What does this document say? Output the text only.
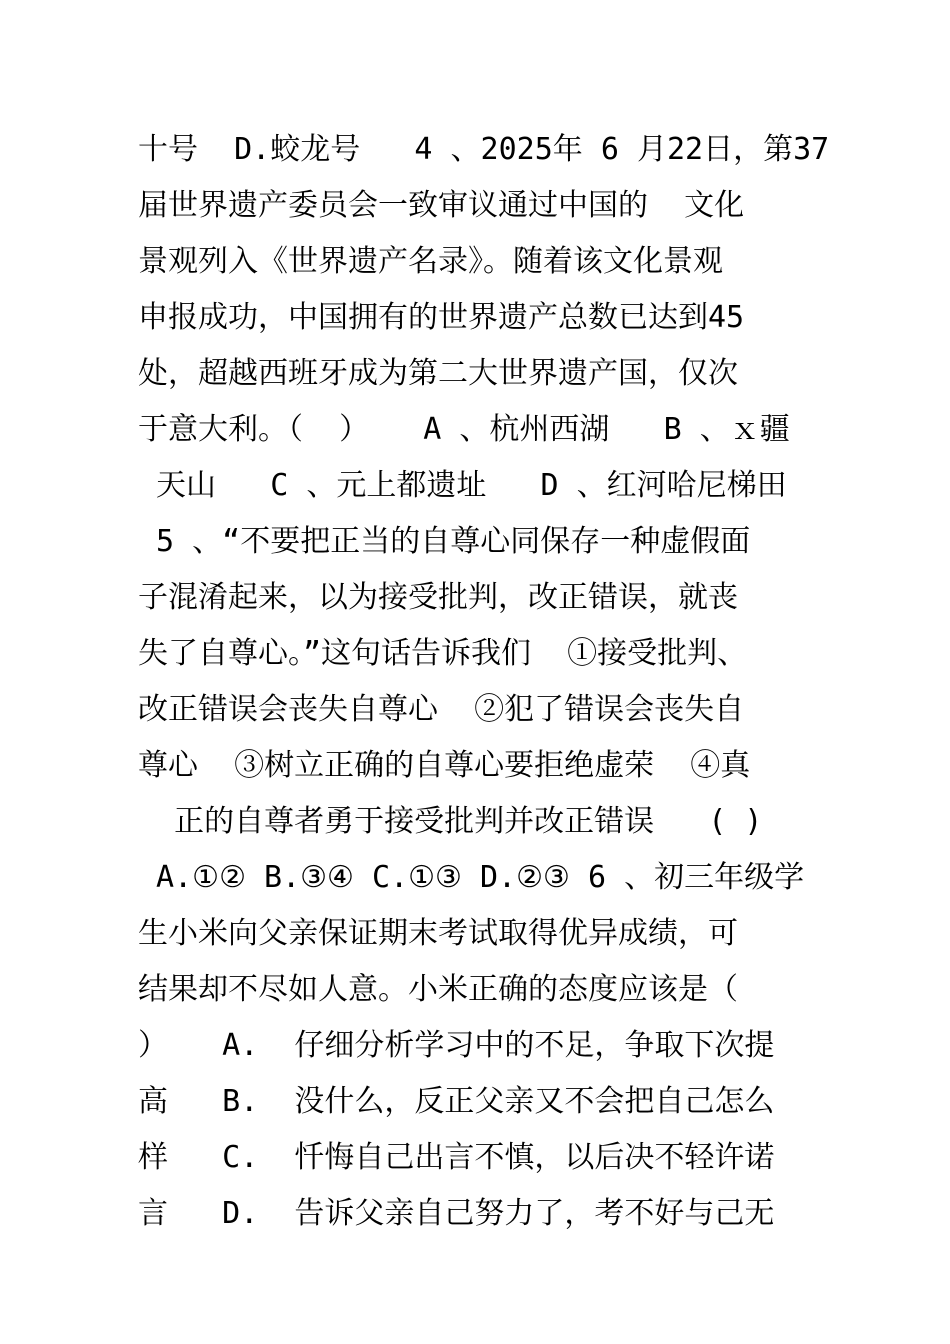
十号  D.蛟龙号   4 、2025年 6 月22日，第37
届世界遗产委员会一致审议通过中国的  文化
景观列入《世界遗产名录》。随着该文化景观
申报成功，中国拥有的世界遗产总数已达到45
处，超越西班牙成为第二大世界遗产国，仅次
于意大利。（  ）   A 、杭州西湖   B 、ｘ疆
天山   C 、元上都遗址   D 、红河哈尼梯田
5 、“不要把正当的自尊心同保存一种虚假面
子混淆起来，以为接受批判，改正错误，就丧
失了自尊心。”这句话告诉我们  ①接受批判、
改正错误会丧失自尊心  ②犯了错误会丧失自
尊心  ③树立正确的自尊心要拒绝虚荣  ④真
正的自尊者勇于接受批判并改正错误   ( )
A.①② B.③④ C.①③ D.②③ 6 、初三年级学
生小米向父亲保证期末考试取得优异成绩，可
结果却不尽如人意。小米正确的态度应该是（
）   A.  仔细分析学习中的不足，争取下次提
高   B.  没什么，反正父亲又不会把自己怎么
样   C.  忏悔自己出言不慎，以后决不轻许诺
言   D.  告诉父亲自己努力了，考不好与己无
